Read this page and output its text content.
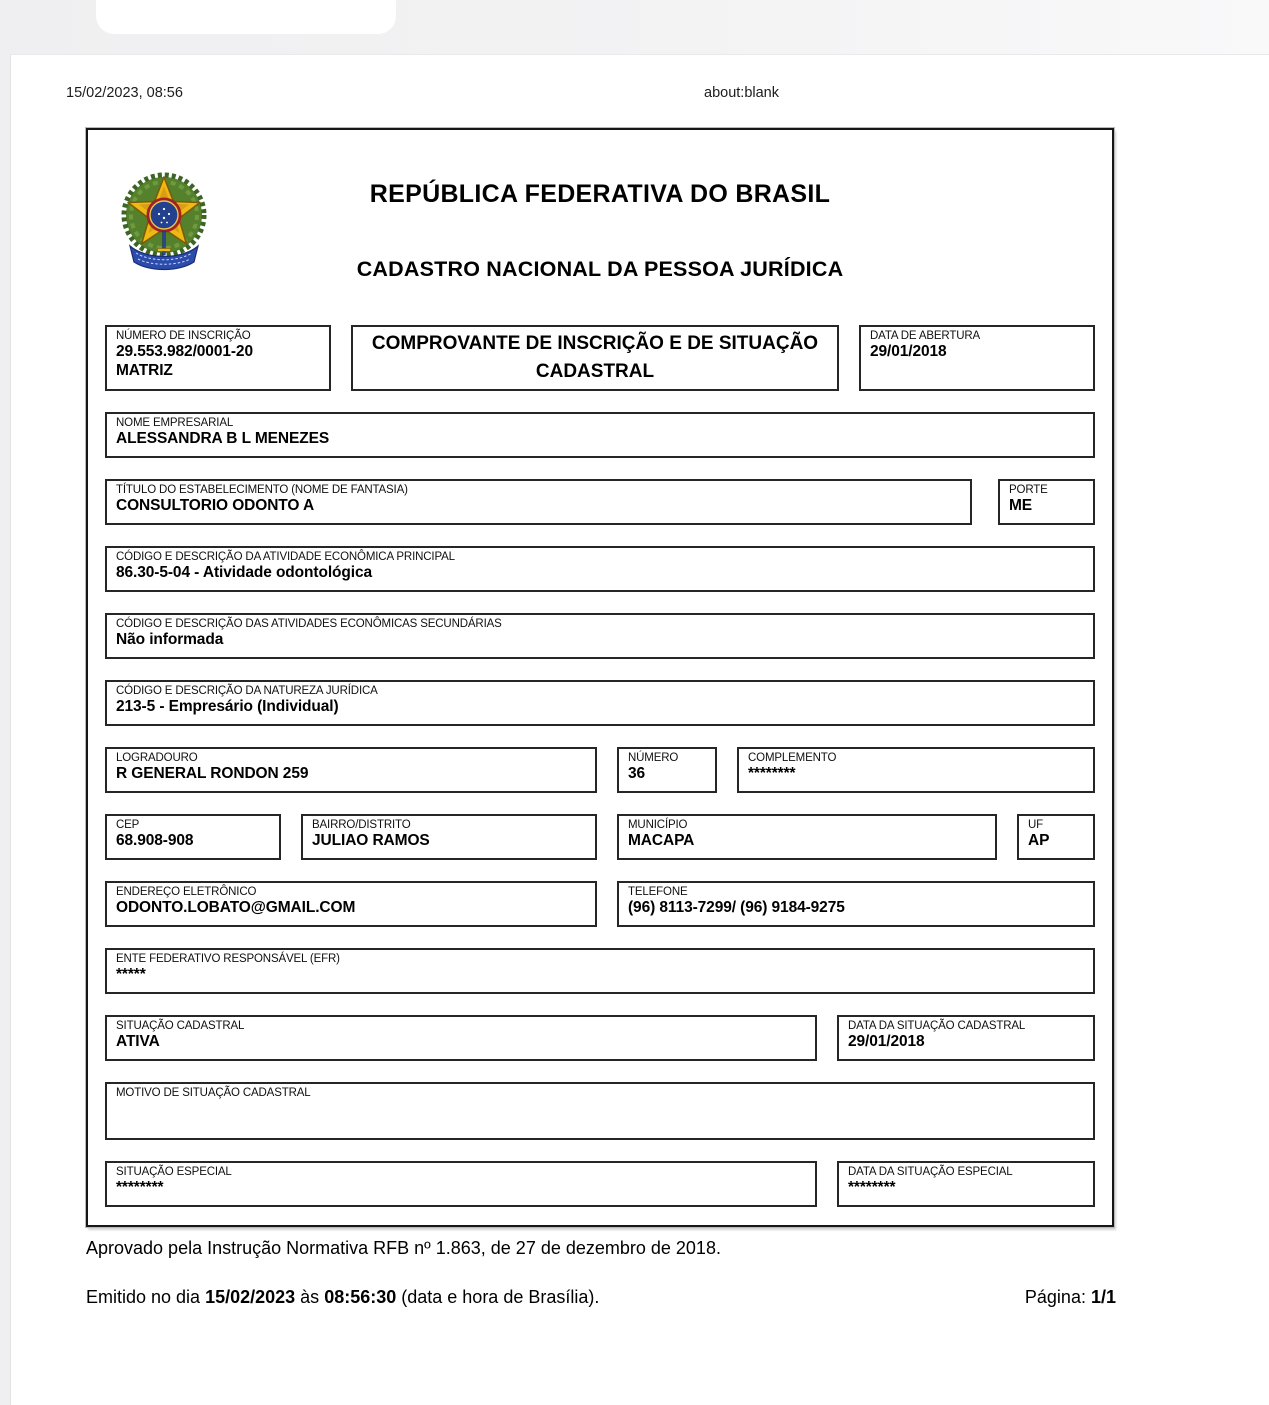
15/02/2023, 08:56	about:blank
REPÚBLICA FEDERATIVA DO BRASIL
CADASTRO NACIONAL DA PESSOA JURÍDICA
NÚMERO DE INSCRIÇÃO
29.553.982/0001-20
MATRIZ
COMPROVANTE DE INSCRIÇÃO E DE SITUAÇÃO
CADASTRAL
DATA DE ABERTURA
29/01/2018
NOME EMPRESARIAL
ALESSANDRA B L MENEZES
TÍTULO DO ESTABELECIMENTO (NOME DE FANTASIA)
CONSULTORIO ODONTO A
PORTE
ME
CÓDIGO E DESCRIÇÃO DA ATIVIDADE ECONÔMICA PRINCIPAL
86.30-5-04 - Atividade odontológica
CÓDIGO E DESCRIÇÃO DAS ATIVIDADES ECONÔMICAS SECUNDÁRIAS
Não informada
CÓDIGO E DESCRIÇÃO DA NATUREZA JURÍDICA
213-5 - Empresário (Individual)
LOGRADOURO
R GENERAL RONDON 259
NÚMERO
36
COMPLEMENTO
********
CEP
68.908-908
BAIRRO/DISTRITO
JULIAO RAMOS
MUNICÍPIO
MACAPA
UF
AP
ENDEREÇO ELETRÔNICO
ODONTO.LOBATO@GMAIL.COM
TELEFONE
(96) 8113-7299/ (96) 9184-9275
ENTE FEDERATIVO RESPONSÁVEL (EFR)
*****
SITUAÇÃO CADASTRAL
ATIVA
DATA DA SITUAÇÃO CADASTRAL
29/01/2018
MOTIVO DE SITUAÇÃO CADASTRAL
SITUAÇÃO ESPECIAL
********
DATA DA SITUAÇÃO ESPECIAL
********
Aprovado pela Instrução Normativa RFB nº 1.863, de 27 de dezembro de 2018.
Emitido no dia 15/02/2023 às 08:56:30 (data e hora de Brasília).	Página: 1/1
